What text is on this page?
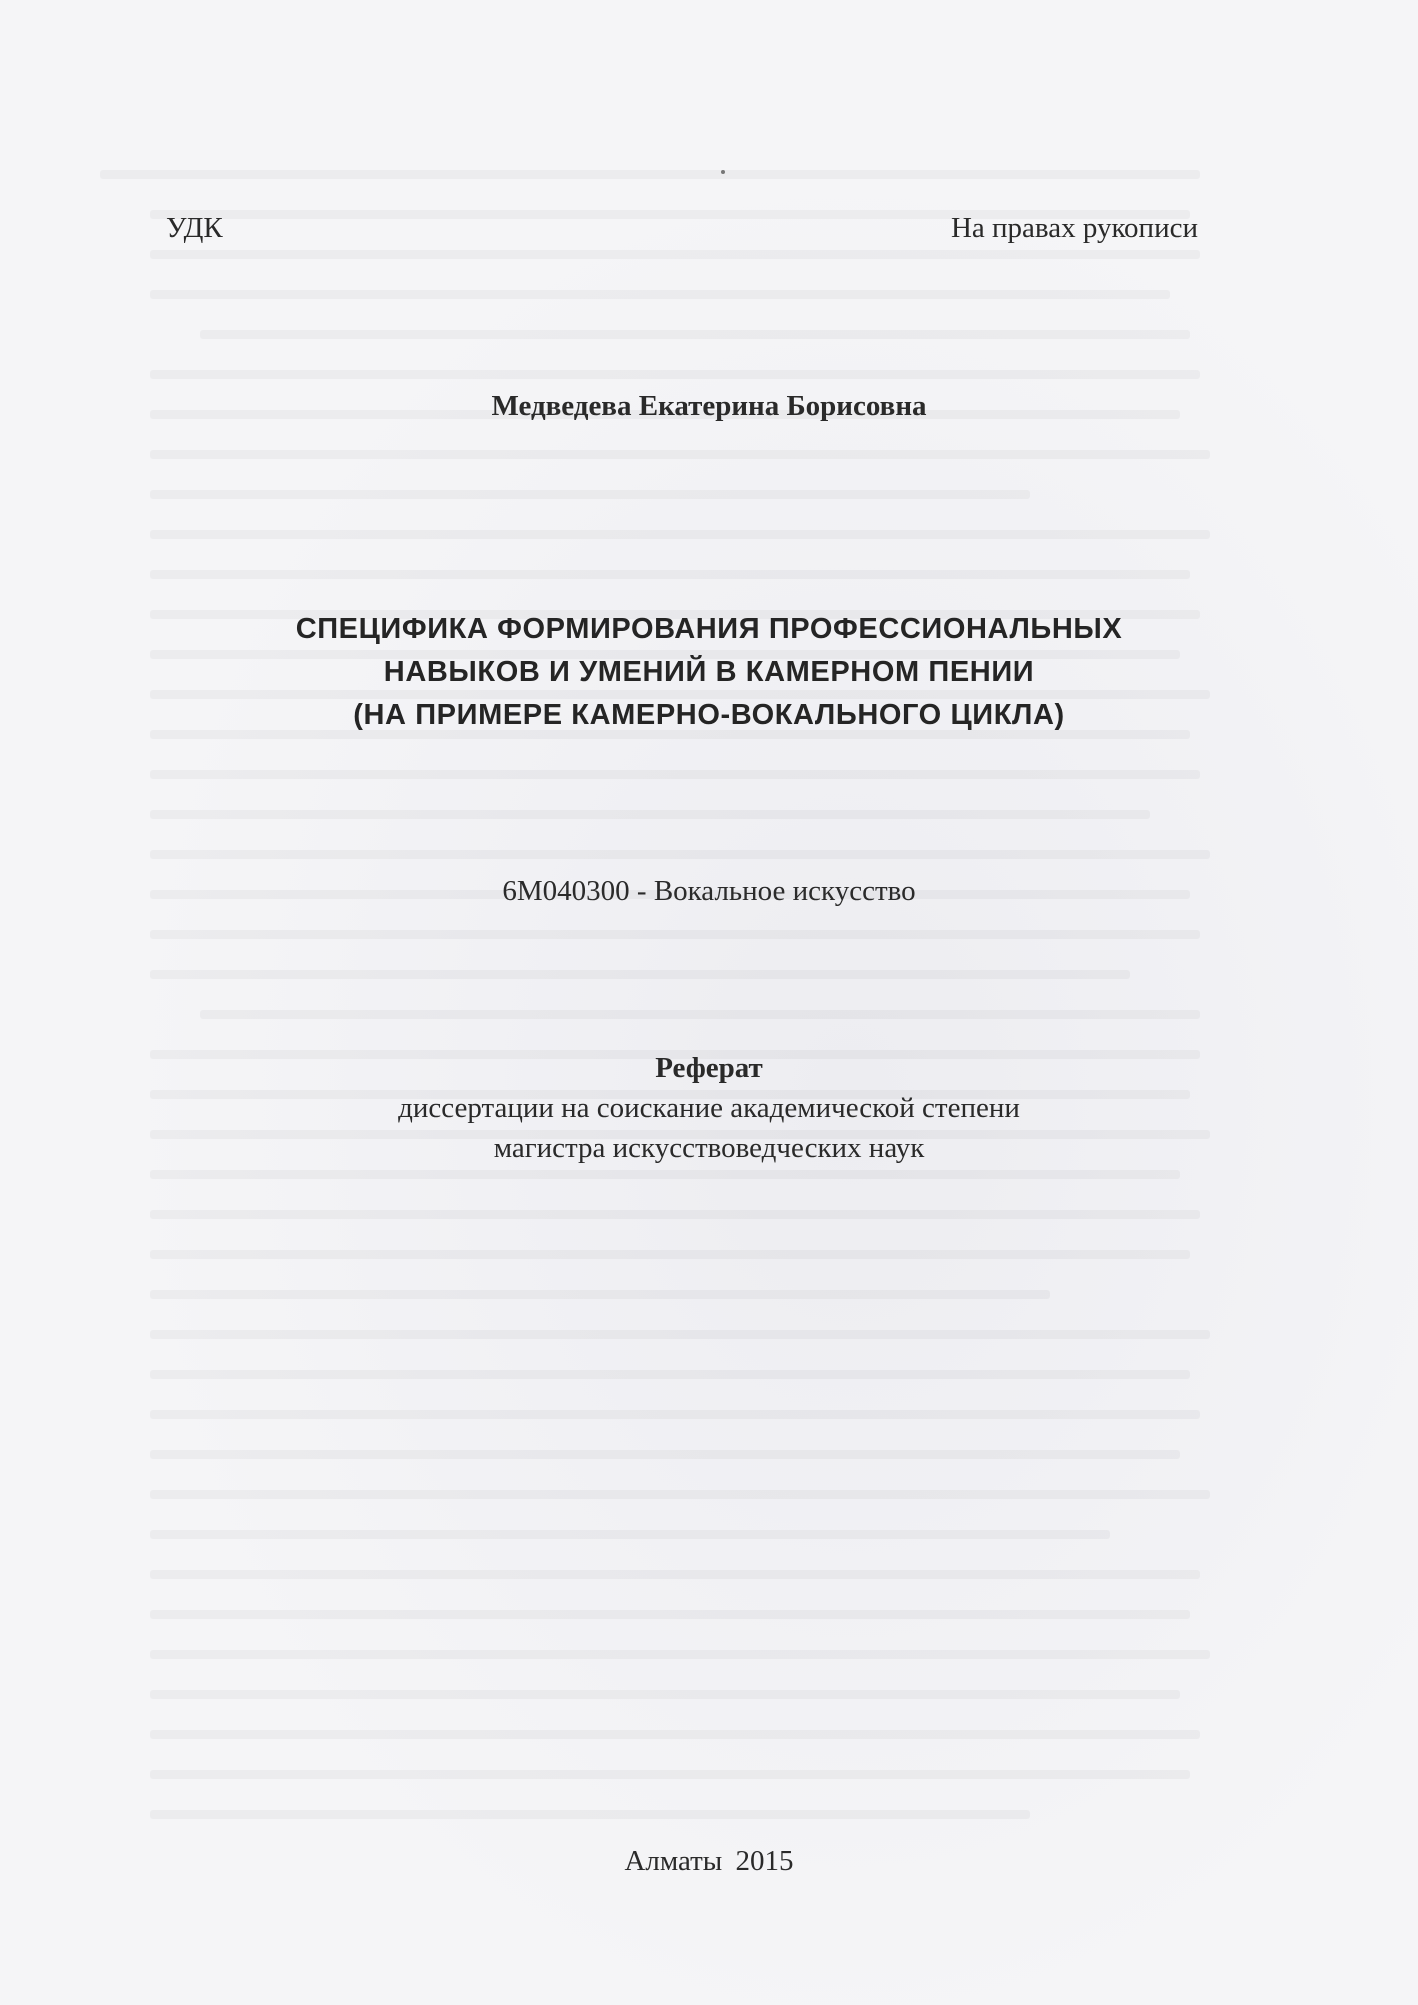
УДК	На правах рукописи
Медведева Екатерина Борисовна
СПЕЦИФИКА ФОРМИРОВАНИЯ ПРОФЕССИОНАЛЬНЫХ
НАВЫКОВ И УМЕНИЙ В КАМЕРНОМ ПЕНИИ
(НА ПРИМЕРЕ КАМЕРНО-ВОКАЛЬНОГО ЦИКЛА)
6М040300 - Вокальное искусство
Реферат
диссертации на соискание академической степени
магистра искусствоведческих наук
Алматы 2015
